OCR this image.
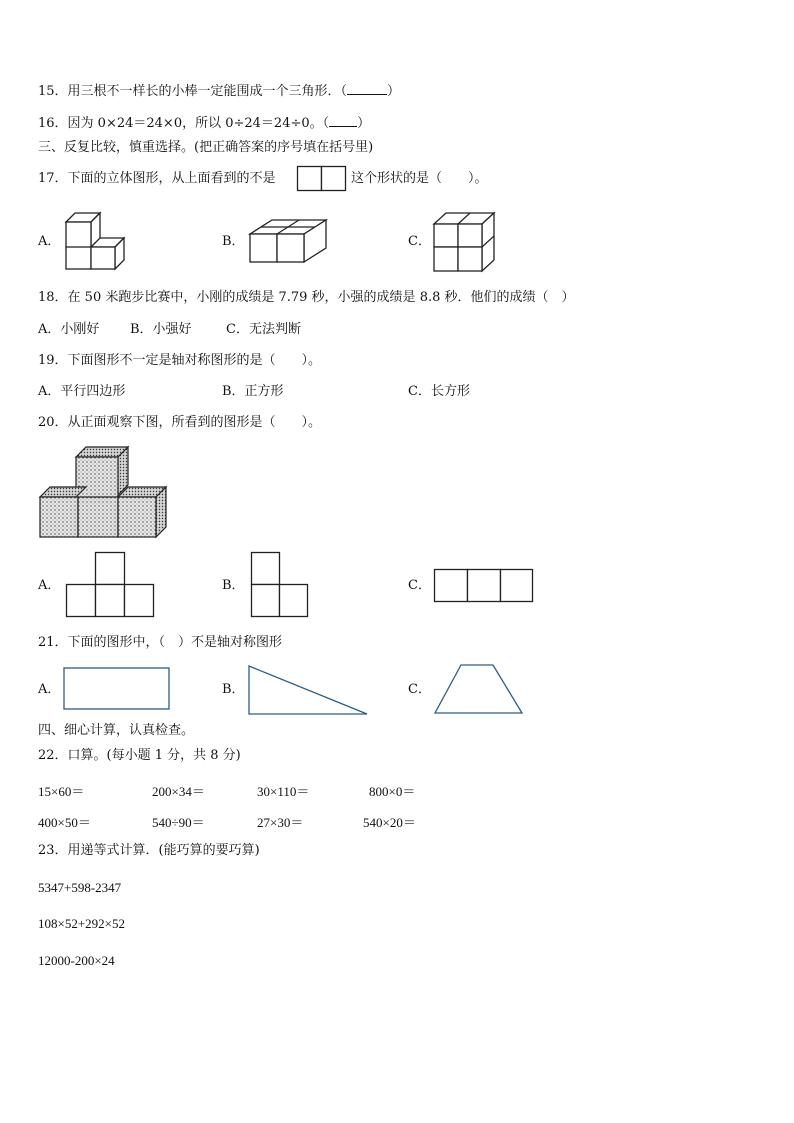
15．用三根不一样长的小棒一定能围成一个三角形．（	）
16．因为 0×24＝24×0，所以 0÷24＝24÷0。（ ）
三、反复比较，慎重选择。(把正确答案的序号填在括号里)
17．下面的立体图形，从上面看到的不是	这个形状的是（　　）。
A．	B．	C．
18．在 50 米跑步比赛中，小刚的成绩是 7.79 秒，小强的成绩是 8.8 秒．他们的成绩（　）
A．小刚好 B．小强好	C．无法判断
19．下面图形不一定是轴对称图形的是（　　）。
A．平行四边形	B．正方形	C．长方形
20．从正面观察下图，所看到的图形是（　　）。
A．	B．	C．
21．下面的图形中，（　）不是轴对称图形
A．	B．	C．
四、细心计算，认真检查。
22．口算。(每小题 1 分，共 8 分)
15×60＝	200×34＝	30×110＝	800×0＝
400×50＝	540÷90＝	27×30＝	540×20＝
23．用递等式计算．(能巧算的要巧算)
5347+598-2347
108×52+292×52
12000-200×24
